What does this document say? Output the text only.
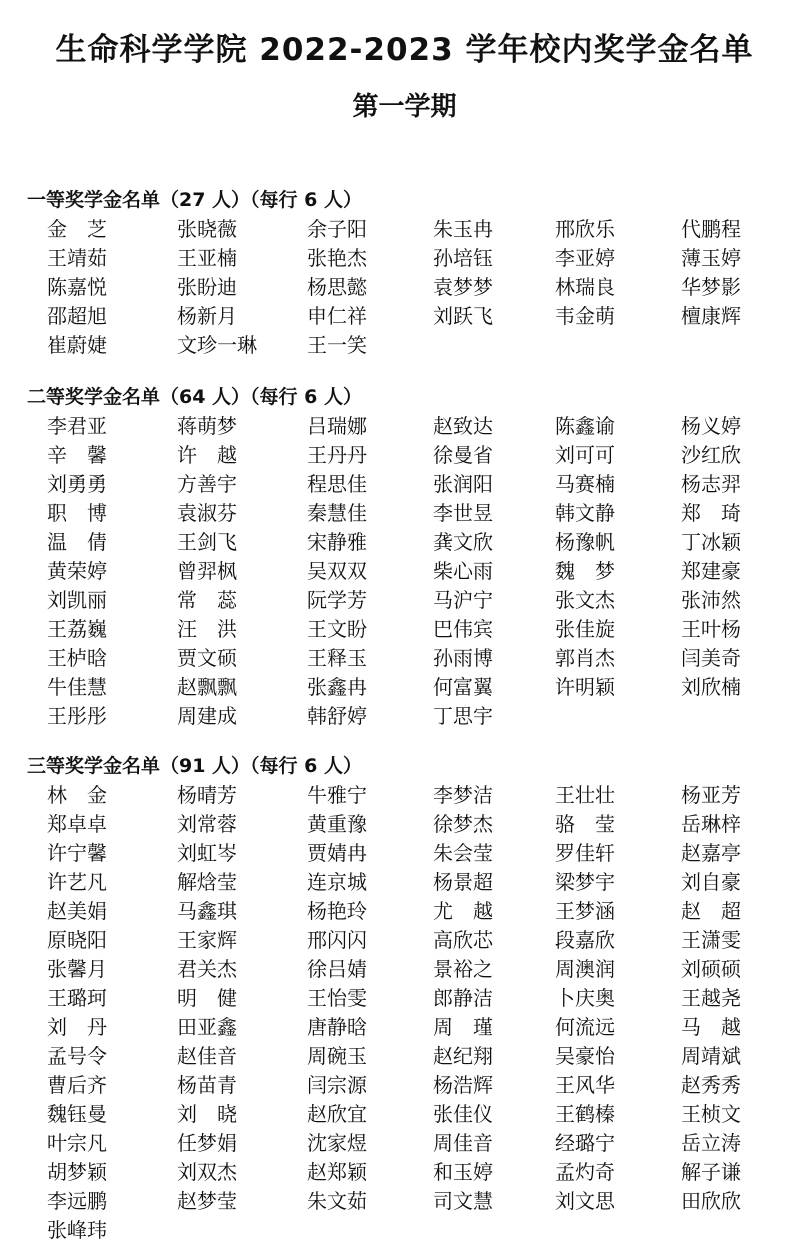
生命科学学院 2022-2023 学年校内奖学金名单
第一学期
一等奖学金名单（27 人）（每行 6 人）
金　芝	张晓薇	余子阳	朱玉冉	邢欣乐	代鹏程
王靖茹	王亚楠	张艳杰	孙培钰	李亚婷	薄玉婷
陈嘉悦	张盼迪	杨思懿	袁梦梦	林瑞良	华梦影
邵超旭	杨新月	申仁祥	刘跃飞	韦金萌	檀康辉
崔蔚婕	文珍一琳	王一笑
二等奖学金名单（64 人）（每行 6 人）
李君亚	蒋萌梦	吕瑞娜	赵致达	陈鑫谕	杨义婷
辛　馨	许　越	王丹丹	徐曼省	刘可可	沙红欣
刘勇勇	方善宇	程思佳	张润阳	马赛楠	杨志羿
职　博	袁淑芬	秦慧佳	李世昱	韩文静	郑　琦
温　倩	王剑飞	宋静雅	龚文欣	杨豫帆	丁冰颖
黄荣婷	曾羿枫	吴双双	柴心雨	魏　梦	郑建豪
刘凯丽	常　蕊	阮学芳	马沪宁	张文杰	张沛然
王荔巍	汪　洪	王文盼	巴伟宾	张佳旋	王叶杨
王栌晗	贾文硕	王释玉	孙雨博	郭肖杰	闫美奇
牛佳慧	赵飘飘	张鑫冉	何富翼	许明颖	刘欣楠
王彤彤	周建成	韩舒婷	丁思宇
三等奖学金名单（91 人）（每行 6 人）
林　金	杨晴芳	牛雅宁	李梦洁	王壮壮	杨亚芳
郑卓卓	刘常蓉	黄重豫	徐梦杰	骆　莹	岳琳梓
许宁馨	刘虹岑	贾婧冉	朱会莹	罗佳轩	赵嘉亭
许艺凡	解焓莹	连京城	杨景超	梁梦宇	刘自豪
赵美娟	马鑫琪	杨艳玲	尤　越	王梦涵	赵　超
原晓阳	王家辉	邢闪闪	高欣芯	段嘉欣	王潇雯
张馨月	君关杰	徐吕婧	景裕之	周澳润	刘硕硕
王璐珂	明　健	王怡雯	郎静洁	卜庆奥	王越尧
刘　丹	田亚鑫	唐静晗	周　瑾	何流远	马　越
孟号令	赵佳音	周碗玉	赵纪翔	吴豪怡	周靖斌
曹后齐	杨苗青	闫宗源	杨浩辉	王风华	赵秀秀
魏钰曼	刘　晓	赵欣宜	张佳仪	王鹤榛	王桢文
叶宗凡	任梦娟	沈家煜	周佳音	经璐宁	岳立涛
胡梦颖	刘双杰	赵郑颖	和玉婷	孟灼奇	解子谦
李远鹏	赵梦莹	朱文茹	司文慧	刘文思	田欣欣
张峰玮
